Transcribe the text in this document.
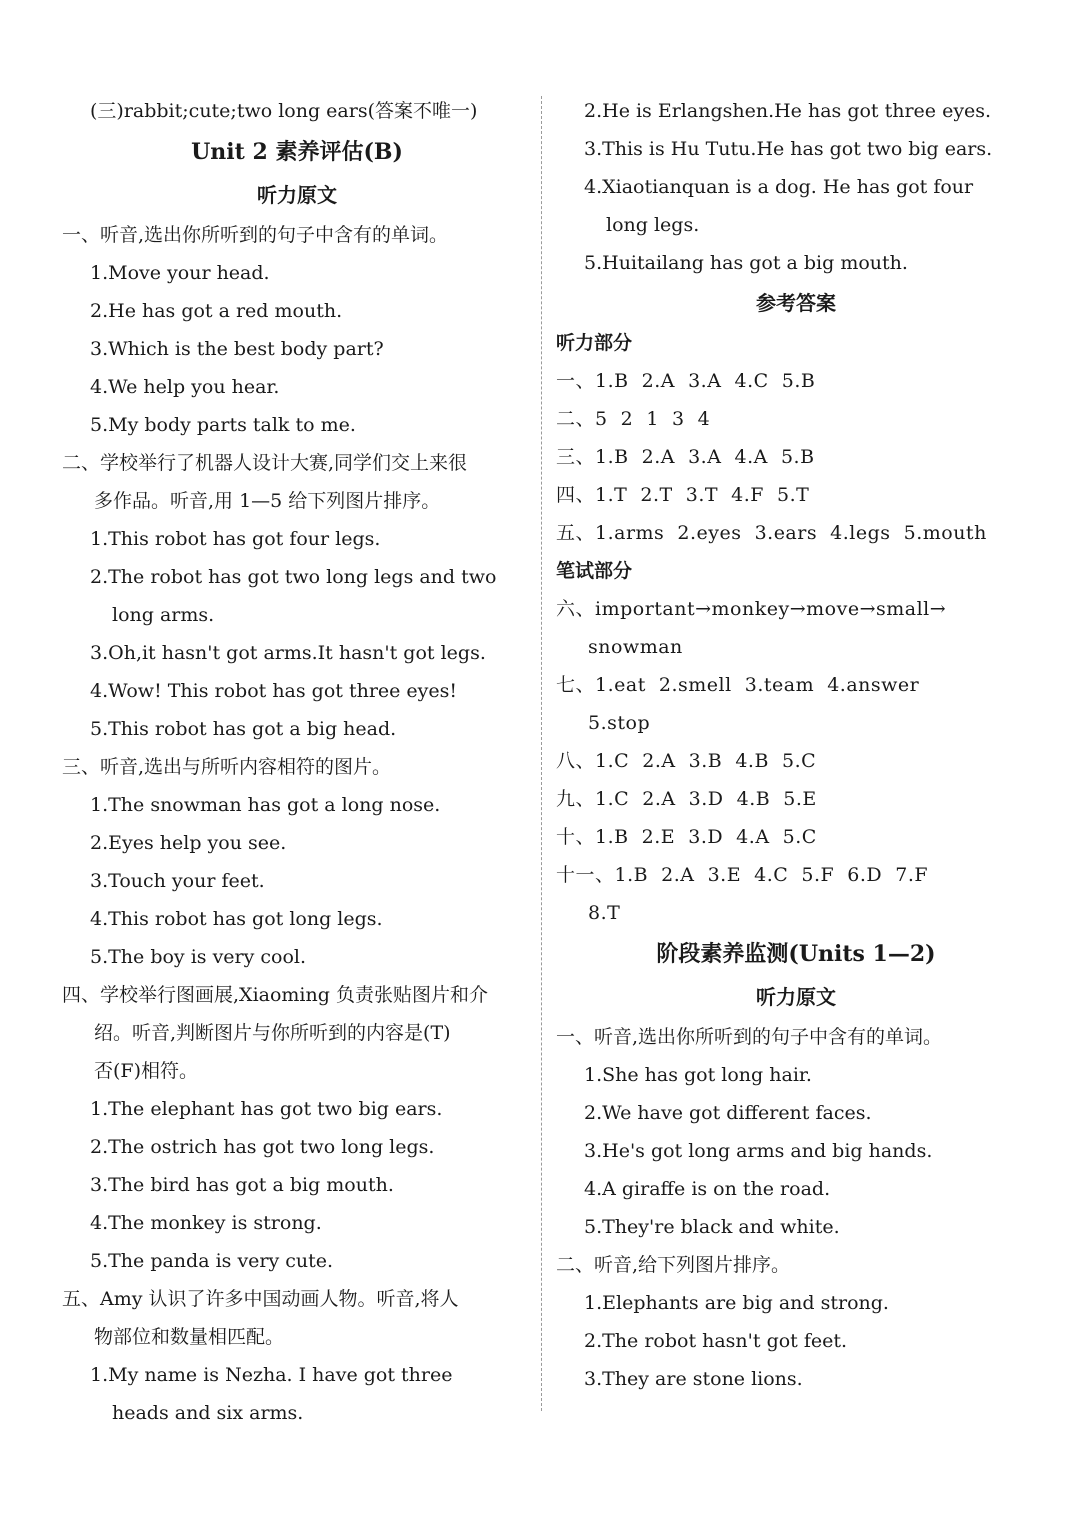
(三)rabbit;cute;two long ears(答案不唯一)
Unit 2 素养评估(B)
听力原文
一、听音,选出你所听到的句子中含有的单词。
1.Move your head.
2.He has got a red mouth.
3.Which is the best body part?
4.We help you hear.
5.My body parts talk to me.
二、学校举行了机器人设计大赛,同学们交上来很
多作品。听音,用 1—5 给下列图片排序。
1.This robot has got four legs.
2.The robot has got two long legs and two
long arms.
3.Oh,it hasn't got arms.It hasn't got legs.
4.Wow! This robot has got three eyes!
5.This robot has got a big head.
三、听音,选出与所听内容相符的图片。
1.The snowman has got a long nose.
2.Eyes help you see.
3.Touch your feet.
4.This robot has got long legs.
5.The boy is very cool.
四、学校举行图画展,Xiaoming 负责张贴图片和介
绍。听音,判断图片与你所听到的内容是(T)
否(F)相符。
1.The elephant has got two big ears.
2.The ostrich has got two long legs.
3.The bird has got a big mouth.
4.The monkey is strong.
5.The panda is very cute.
五、Amy 认识了许多中国动画人物。听音,将人
物部位和数量相匹配。
1.My name is Nezha. I have got three
heads and six arms.
2.He is Erlangshen.He has got three eyes.
3.This is Hu Tutu.He has got two big ears.
4.Xiaotianquan is a dog. He has got four
long legs.
5.Huitailang has got a big mouth.
参考答案
听力部分
一、1.B  2.A  3.A  4.C  5.B
二、5  2  1  3  4
三、1.B  2.A  3.A  4.A  5.B
四、1.T  2.T  3.T  4.F  5.T
五、1.arms  2.eyes  3.ears  4.legs  5.mouth
笔试部分
六、important→monkey→move→small→
snowman
七、1.eat  2.smell  3.team  4.answer
5.stop
八、1.C  2.A  3.B  4.B  5.C
九、1.C  2.A  3.D  4.B  5.E
十、1.B  2.E  3.D  4.A  5.C
十一、1.B  2.A  3.E  4.C  5.F  6.D  7.F
8.T
阶段素养监测(Units 1—2)
听力原文
一、听音,选出你所听到的句子中含有的单词。
1.She has got long hair.
2.We have got different faces.
3.He's got long arms and big hands.
4.A giraffe is on the road.
5.They're black and white.
二、听音,给下列图片排序。
1.Elephants are big and strong.
2.The robot hasn't got feet.
3.They are stone lions.
